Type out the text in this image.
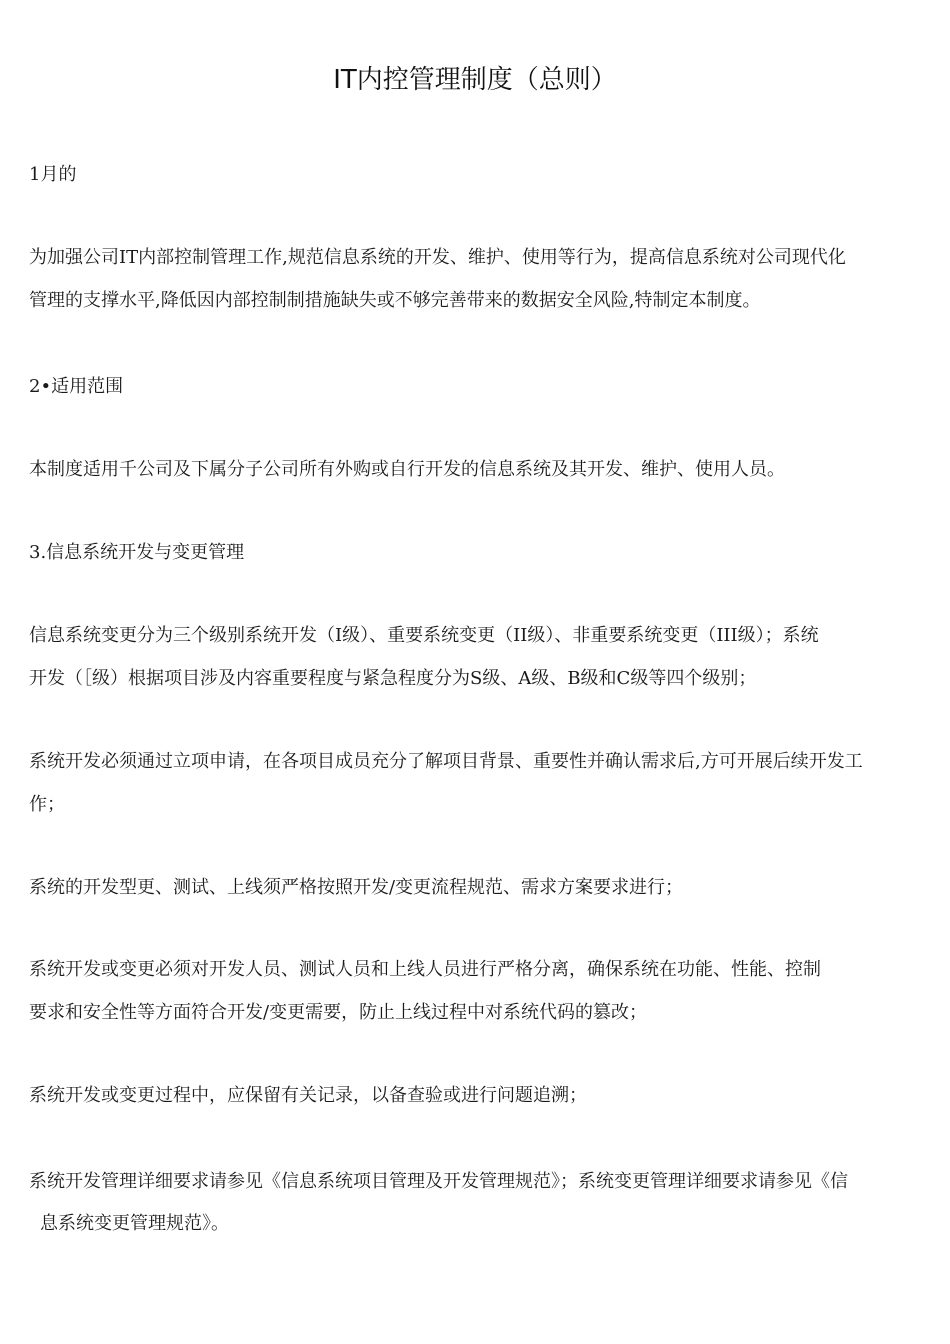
IT内控管理制度（总则）

1月的

为加强公司IT内部控制管理工作,规范信息系统的开发、维护、使用等行为，提高信息系统对公司现代化

管理的支撑水平,降低因内部控制制措施缺失或不够完善带来的数据安全风险,特制定本制度。

2•适用范围

本制度适用千公司及下属分子公司所有外购或自行开发的信息系统及其开发、维护、使用人员。

3.信息系统开发与变更管理

信息系统变更分为三个级别系统开发（I级）、重要系统变更（II级）、非重要系统变更（III级）；系统

开发（［级）根据项目涉及内容重要程度与紧急程度分为S级、A级、B级和C级等四个级别；

系统开发必须通过立项申请，在各项目成员充分了解项目背景、重要性并确认需求后,方可开展后续开发工

作；

系统的开发型更、测试、上线须严格按照开发/变更流程规范、需求方案要求进行；

系统开发或变更必须对开发人员、测试人员和上线人员进行严格分离，确保系统在功能、性能、控制

要求和安全性等方面符合开发/变更需要，防止上线过程中对系统代码的篡改；

系统开发或变更过程中，应保留有关记录，以备查验或进行问题追溯；

系统开发管理详细要求请参见《信息系统项目管理及开发管理规范》；系统变更管理详细要求请参见《信

息系统变更管理规范》。
